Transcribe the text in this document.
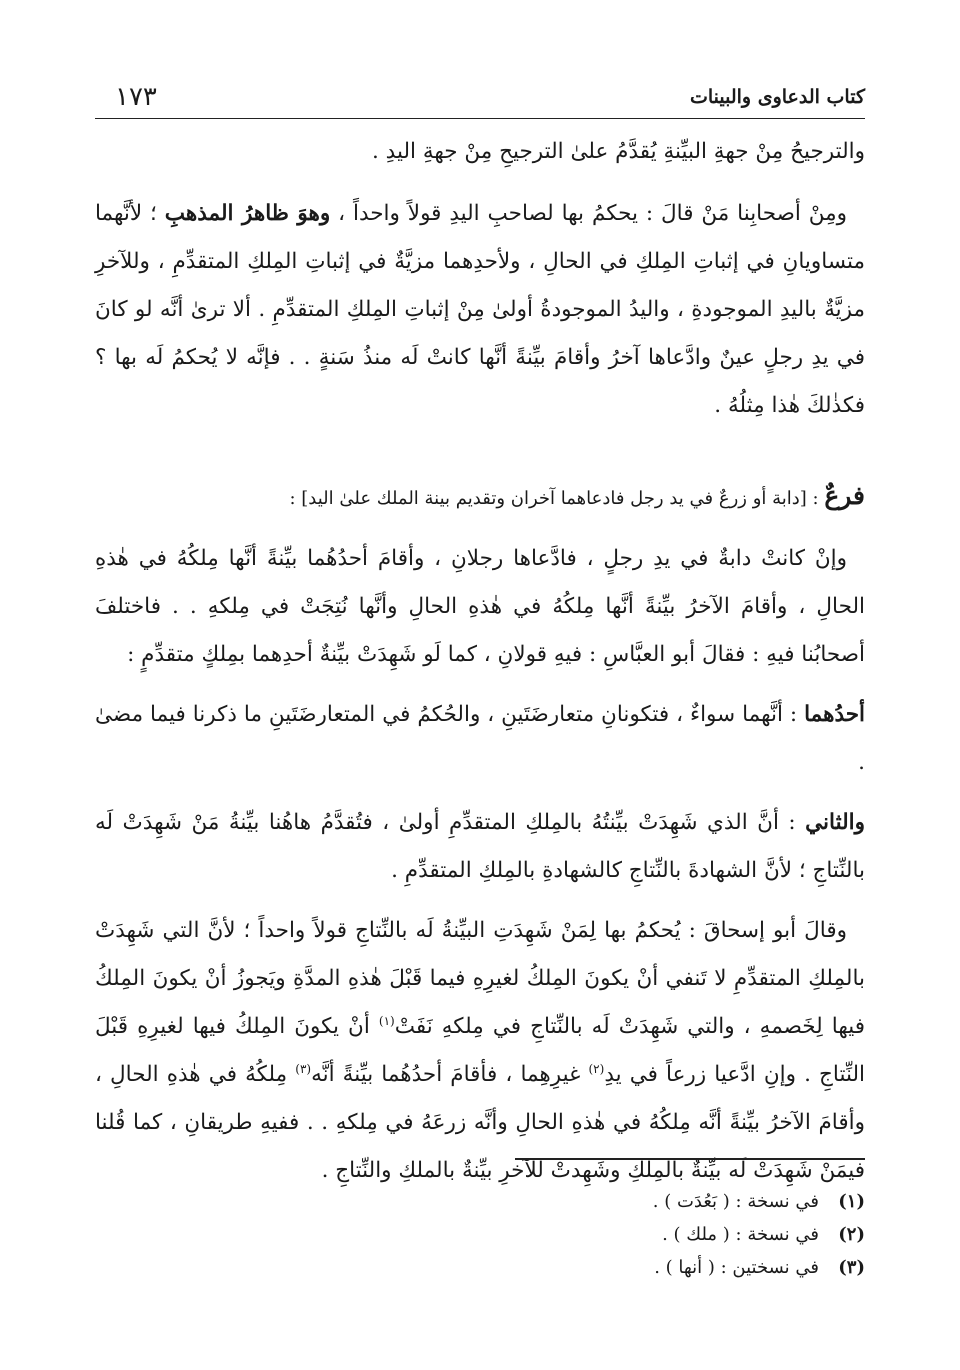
كتاب الدعاوى والبينات
١٧٣

والترجيحُ مِنْ جهةِ البيِّنةِ يُقدَّمُ علىٰ الترجيحِ مِنْ جهةِ اليدِ .

ومِنْ أصحابِنا مَنْ قالَ : يحكمُ بها لصاحبِ اليدِ قولاً واحداً ، وهوَ ظاهرُ المذهبِ ؛ لأنَّهما متساويانِ في إثباتِ المِلكِ في الحالِ ، ولأحدِهما مزيَّةٌ في إثباتِ المِلكِ المتقدِّمِ ، وللآخرِ مزيَّةٌ باليدِ الموجودةِ ، واليدُ الموجودةُ أولىٰ مِنْ إثباتِ المِلكِ المتقدِّمِ . ألا ترىٰ أنَّه لو كانَ في يدِ رجلٍ عينٌ وادَّعاها آخرُ وأقامَ بيِّنةً أنَّها كانتْ لَه منذُ سَنةٍ . . فإنَّه لا يُحكمُ لَه بها ؟ فكذٰلكَ هٰذا مِثلُهُ .

فرعٌ : [دابة أو زرعٌ في يد رجل فادعاهما آخران وتقديم بينة الملك علىٰ اليد] :

وإنْ كانتْ دابةٌ في يدِ رجلٍ ، فادَّعاها رجلانِ ، وأقامَ أحدُهُما بيِّنةً أنَّها مِلكُهُ في هٰذهِ الحالِ ، وأقامَ الآخرُ بيِّنةً أنَّها مِلكُهُ في هٰذهِ الحالِ وأنَّها نُتِجَتْ في مِلكهِ . . فاختلفَ أصحابُنا فيهِ : فقالَ أبو العبَّاسِ : فيهِ قولانِ ، كما لَو شَهِدَتْ بيِّنةٌ أحدِهما بمِلكٍ متقدِّمٍ :

أحدُهما : أنَّهما سواءٌ ، فتكونانِ متعارضَتَينِ ، والحُكمُ في المتعارضَتَينِ ما ذكرنا فيما مضىٰ .

والثاني : أنَّ الذي شَهِدَتْ بيِّنتُهُ بالمِلكِ المتقدِّمِ أولىٰ ، فتُقدَّمُ هاهُنا بيِّنةُ مَنْ شَهِدَتْ لَه بالنِّتاجِ ؛ لأنَّ الشهادةَ بالنِّتاجِ كالشهادةِ بالمِلكِ المتقدِّمِ .

وقالَ أبو إسحاقَ : يُحكمُ بها لِمَنْ شَهِدَتِ البيِّنةُ لَه بالنِّتاجِ قولاً واحداً ؛ لأنَّ التي شَهِدَتْ بالمِلكِ المتقدِّمِ لا تَنفي أنْ يكونَ المِلكُ لغيرِهِ فيما قَبْلَ هٰذهِ المدَّةِ ويَجوزُ أنْ يكونَ المِلكُ فيها لِخَصمهِ ، والتي شَهِدَتْ لَه بالنِّتاجِ في مِلكهِ نَفَتْ$^{(١)}$ أنْ يكونَ المِلكُ فيها لغيرِهِ قَبْلَ النِّتاجِ . وإنِ ادَّعيا زرعاً في يدِ$^{(٢)}$ غيرِهِما ، فأقامَ أحدُهُما بيِّنةً أنَّه$^{(٣)}$ مِلكُهُ في هٰذهِ الحالِ ، وأقامَ الآخرُ بيِّنةً أنَّه مِلكُهُ في هٰذهِ الحالِ وأنَّه زرعَهُ في مِلكهِ . . ففيهِ طريقانِ ، كما قُلنا فيمَنْ شَهِدَتْ لَه بيِّنةٌ بالمِلكِ وشَهِدتْ للآخرِ بيِّنةٌ بالملكِ والنِّتاجِ .

(١)في نسخة : ( بَعُدَت ) .
(٢)في نسخة : ( ملك ) .
(٣)في نسختين : ( أنها ) .
